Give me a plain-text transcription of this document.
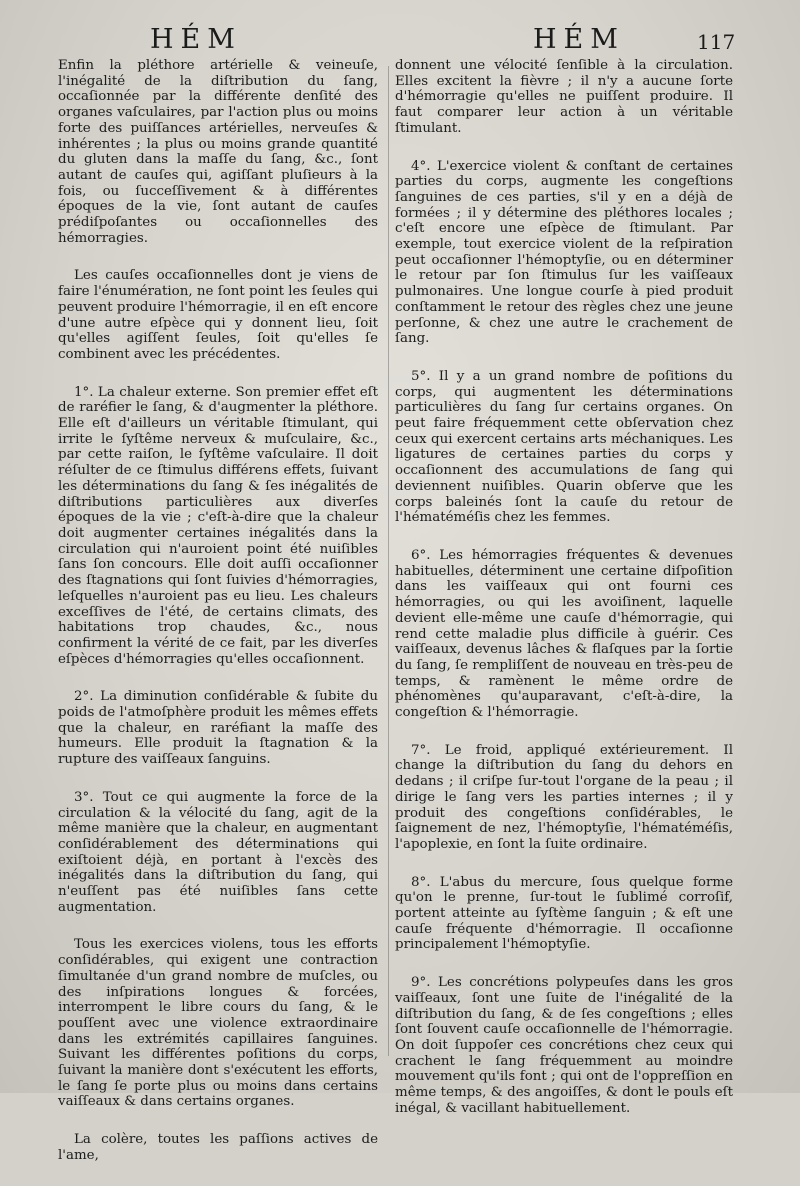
HÉM	HÉM	117

Enfin la pléthore artérielle & veineuſe, l'inégalité de la diſtribution du ſang, occaſionnée par la différente denſité des organes vaſculaires, par l'action plus ou moins forte des puiſſances artérielles, nerveuſes & inhérentes ; la plus ou moins grande quantité du gluten dans la maſſe du ſang, &c., ſont autant de cauſes qui, agiſſant pluſieurs à la fois, ou ſucceſſivement & à différentes époques de la vie, ſont autant de cauſes prédiſpoſantes ou occaſionnelles des hémorragies.

Les cauſes occaſionnelles dont je viens de faire l'énumération, ne ſont point les ſeules qui peuvent produire l'hémorragie, il en eſt encore d'une autre eſpèce qui y donnent lieu, ſoit qu'elles agiſſent ſeules, ſoit qu'elles ſe combinent avec les précédentes.

1°. La chaleur externe. Son premier effet eſt de raréfier le ſang, & d'augmenter la pléthore. Elle eſt d'ailleurs un véritable ſtimulant, qui irrite le ſyſtême nerveux & muſculaire, &c., par cette raiſon, le ſyſtême vaſculaire. Il doit réſulter de ce ſtimulus différens effets, ſuivant les déterminations du ſang & ſes inégalités de diſtributions particulières aux diverſes époques de la vie ; c'eſt-à-dire que la chaleur doit augmenter certaines inégalités dans la circulation qui n'auroient point été nuiſibles ſans ſon concours. Elle doit auſſi occaſionner des ſtagnations qui ſont ſuivies d'hémorragies, leſquelles n'auroient pas eu lieu. Les chaleurs exceſſives de l'été, de certains climats, des habitations trop chaudes, &c., nous confirment la vérité de ce fait, par les diverſes eſpèces d'hémorragies qu'elles occaſionnent.

2°. La diminution conſidérable & ſubite du poids de l'atmoſphère produit les mêmes effets que la chaleur, en raréfiant la maſſe des humeurs. Elle produit la ſtagnation & la rupture des vaiſſeaux ſanguins.

3°. Tout ce qui augmente la force de la circulation & la vélocité du ſang, agit de la même manière que la chaleur, en augmentant conſidérablement des déterminations qui exiſtoient déjà, en portant à l'excès des inégalités dans la diſtribution du ſang, qui n'euſſent pas été nuiſibles ſans cette augmentation.

Tous les exercices violens, tous les efforts conſidérables, qui exigent une contraction ſimultanée d'un grand nombre de muſcles, ou des inſpirations longues & forcées, interrompent le libre cours du ſang, & le pouſſent avec une violence extraordinaire dans les extrémités capillaires ſanguines. Suivant les différentes poſitions du corps, ſuivant la manière dont s'exécutent les efforts, le ſang ſe porte plus ou moins dans certains vaiſſeaux & dans certains organes.

La colère, toutes les paſſions actives de l'ame,

donnent une vélocité ſenſible à la circulation. Elles excitent la fièvre ; il n'y a aucune ſorte d'hémorragie qu'elles ne puiſſent produire. Il faut comparer leur action à un véritable ſtimulant.

4°. L'exercice violent & conſtant de certaines parties du corps, augmente les congeſtions ſanguines de ces parties, s'il y en a déjà de formées ; il y détermine des pléthores locales ; c'eſt encore une eſpèce de ſtimulant. Par exemple, tout exercice violent de la reſpiration peut occaſionner l'hémoptyſie, ou en déterminer le retour par ſon ſtimulus ſur les vaiſſeaux pulmonaires. Une longue courſe à pied produit conſtamment le retour des règles chez une jeune perſonne, & chez une autre le crachement de ſang.

5°. Il y a un grand nombre de poſitions du corps, qui augmentent les déterminations particulières du ſang ſur certains organes. On peut faire fréquemment cette obſervation chez ceux qui exercent certains arts méchaniques. Les ligatures de certaines parties du corps y occaſionnent des accumulations de ſang qui deviennent nuiſibles. Quarin obſerve que les corps baleinés ſont la cauſe du retour de l'hématéméſis chez les femmes.

6°. Les hémorragies fréquentes & devenues habituelles, déterminent une certaine diſpoſition dans les vaiſſeaux qui ont fourni ces hémorragies, ou qui les avoiſinent, laquelle devient elle-même une cauſe d'hémorragie, qui rend cette maladie plus difficile à guérir. Ces vaiſſeaux, devenus lâches & flaſques par la ſortie du ſang, ſe rempliſſent de nouveau en très-peu de temps, & ramènent le même ordre de phénomènes qu'auparavant, c'eſt-à-dire, la congeſtion & l'hémorragie.

7°. Le froid, appliqué extérieurement. Il change la diſtribution du ſang du dehors en dedans ; il criſpe ſur-tout l'organe de la peau ; il dirige le ſang vers les parties internes ; il y produit des congeſtions conſidérables, le ſaignement de nez, l'hémoptyſie, l'hématéméſis, l'apoplexie, en ſont la ſuite ordinaire.

8°. L'abus du mercure, ſous quelque forme qu'on le prenne, ſur-tout le ſublimé corroſif, portent atteinte au ſyſtème ſanguin ; & eſt une cauſe fréquente d'hémorragie. Il occaſionne principalement l'hémoptyſie.

9°. Les concrétions polypeuſes dans les gros vaiſſeaux, ſont une ſuite de l'inégalité de la diſtribution du ſang, & de ſes congeſtions ; elles ſont ſouvent cauſe occaſionnelle de l'hémorragie. On doit ſuppoſer ces concrétions chez ceux qui crachent le ſang fréquemment au moindre mouvement qu'ils font ; qui ont de l'oppreſſion en même temps, & des angoiſſes, & dont le pouls eſt inégal, & vacillant habituellement.
